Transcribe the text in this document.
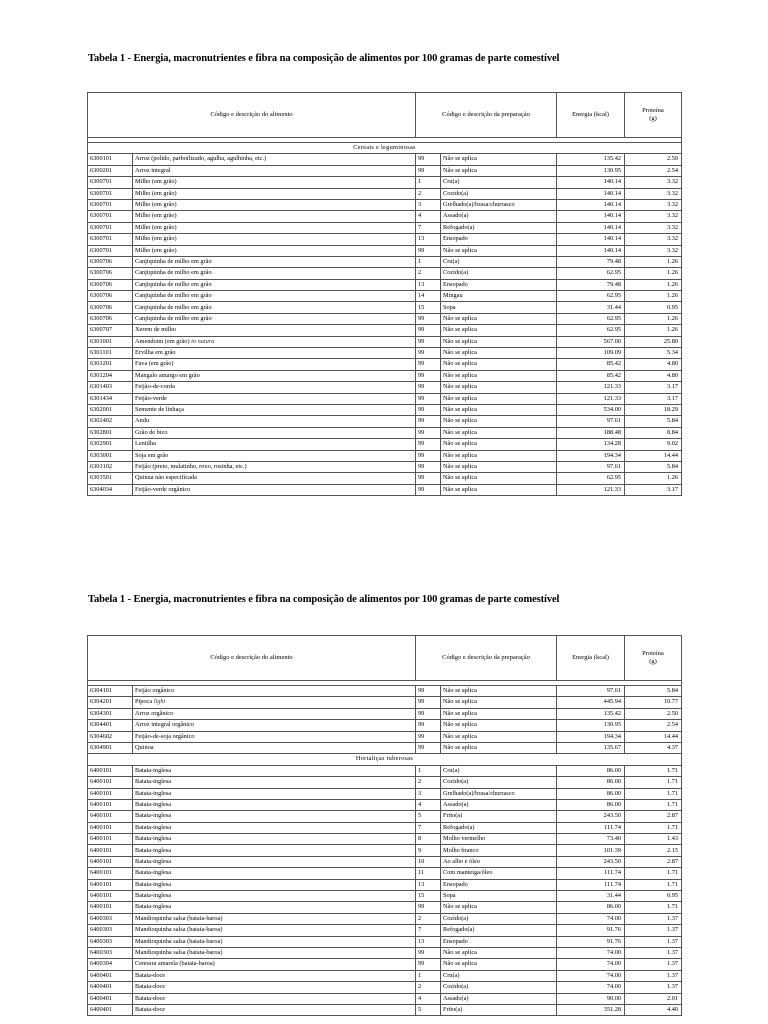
Tabela 1 - Energia, macronutrientes e fibra na composição de alimentos por 100 gramas de parte comestível
Código e descrição do alimento		Código e descrição da preparação		Energia (kcal)	Proteína
(g)

Cereais e leguminosas					
6300101	Arroz (polido, parboilizado, agulha, agulhinha, etc.)	99	Não se aplica	135.42	2.50
6300201	Arroz integral	99	Não se aplica	130.95	2.54
6300701	Milho (em grão)	1	Cru(a)	140.14	3.32
6300701	Milho (em grão)	2	Cozido(a)	140.14	3.32
6300701	Milho (em grão)	3	Grelhado(a)/brasa/churrasco	140.14	3.32
6300701	Milho (em grão)	4	Assado(a)	140.14	3.32
6300701	Milho (em grão)	7	Refogado(a)	140.14	3.32
6300701	Milho (em grão)	13	Ensopado	140.14	3.32
6300701	Milho (em grão)	99	Não se aplica	140.14	3.32
6300706	Canjiquinha de milho em grão	1	Cru(a)	79.48	1.26
6300706	Canjiquinha de milho em grão	2	Cozido(a)	62.95	1.26
6300706	Canjiquinha de milho em grão	13	Ensopado	79.48	1.26
6300706	Canjiquinha de milho em grão	14	Mingau	62.95	1.26
6300706	Canjiquinha de milho em grão	15	Sopa	31.44	0.95
6300706	Canjiquinha de milho em grão	99	Não se aplica	62.95	1.26
6300707	Xerem de milho	99	Não se aplica	62.95	1.26
6301001	Amendoim (em grão) in natura	99	Não se aplica	567.00	25.80
6301101	Ervilha em grão	99	Não se aplica	109.09	5.34
6301201	Fava (em grão)	99	Não se aplica	85.42	4.80
6301204	Mangalo amargo em grão	99	Não se aplica	85.42	4.80
6301403	Feijão-de-corda	99	Não se aplica	121.33	3.17
6301434	Feijão-verde	99	Não se aplica	121.33	3.17
6302001	Semente de linhaça	99	Não se aplica	534.00	18.29
6302402	Andu	99	Não se aplica	97.61	5.84
6302801	Grão de bico	99	Não se aplica	188.48	8.84
6302901	Lentilha	99	Não se aplica	134.28	9.02
6303001	Soja em grão	99	Não se aplica	194.34	14.44
6303102	Feijão (preto, mulatinho, roxo, rosinha, etc.)	99	Não se aplica	97.61	5.84
6303501	Quinua não especificada	99	Não se aplica	62.95	1.26
6304034	Feijão-verde orgânico	99	Não se aplica	121.33	3.17
Tabela 1 - Energia, macronutrientes e fibra na composição de alimentos por 100 gramas de parte comestível
Código e descrição do alimento		Código e descrição da preparação		Energia (kcal)	Proteína
(g)

6304101	Feijão orgânico	99	Não se aplica	97.61	5.84
6304201	Pipoca light	99	Não se aplica	445.94	10.77
6304301	Arroz orgânico	99	Não se aplica	135.42	2.50
6304401	Arroz integral orgânico	99	Não se aplica	130.95	2.54
6304602	Feijão-de-soja orgânico	99	Não se aplica	194.34	14.44
6304901	Quinoa	99	Não se aplica	135.67	4.37
Hortaliças tuberosas					
6400101	Batata-inglesa	1	Cru(a)	86.00	1.71
6400101	Batata-inglesa	2	Cozido(a)	86.00	1.71
6400101	Batata-inglesa	3	Grelhado(a)/brasa/churrasco	86.00	1.71
6400101	Batata-inglesa	4	Assado(a)	86.00	1.71
6400101	Batata-inglesa	5	Frito(a)	243.50	2.87
6400101	Batata-inglesa	7	Refogado(a)	111.74	1.71
6400101	Batata-inglesa	8	Molho vermelho	73.40	1.43
6400101	Batata-inglesa	9	Molho branco	101.39	2.15
6400101	Batata-inglesa	10	Ao alho e óleo	243.50	2.87
6400101	Batata-inglesa	11	Com manteiga/óleo	111.74	1.71
6400101	Batata-inglesa	13	Ensopado	111.74	1.71
6400101	Batata-inglesa	15	Sopa	31.44	0.95
6400101	Batata-inglesa	99	Não se aplica	86.00	1.71
6400303	Mandioquinha salsa (batata-baroa)	2	Cozido(a)	74.00	1.37
6400303	Mandioquinha salsa (batata-baroa)	7	Refogado(a)	91.76	1.37
6400303	Mandioquinha salsa (batata-baroa)	13	Ensopado	91.76	1.37
6400303	Mandioquinha salsa (batata-baroa)	99	Não se aplica	74.00	1.37
6400304	Cenoura amarela (batata-baroa)	99	Não se aplica	74.00	1.37
6400401	Batata-doce	1	Cru(a)	74.00	1.37
6400401	Batata-doce	2	Cozido(a)	74.00	1.37
6400401	Batata-doce	4	Assado(a)	90.00	2.01
6400401	Batata-doce	5	Frito(a)	351.28	4.40
